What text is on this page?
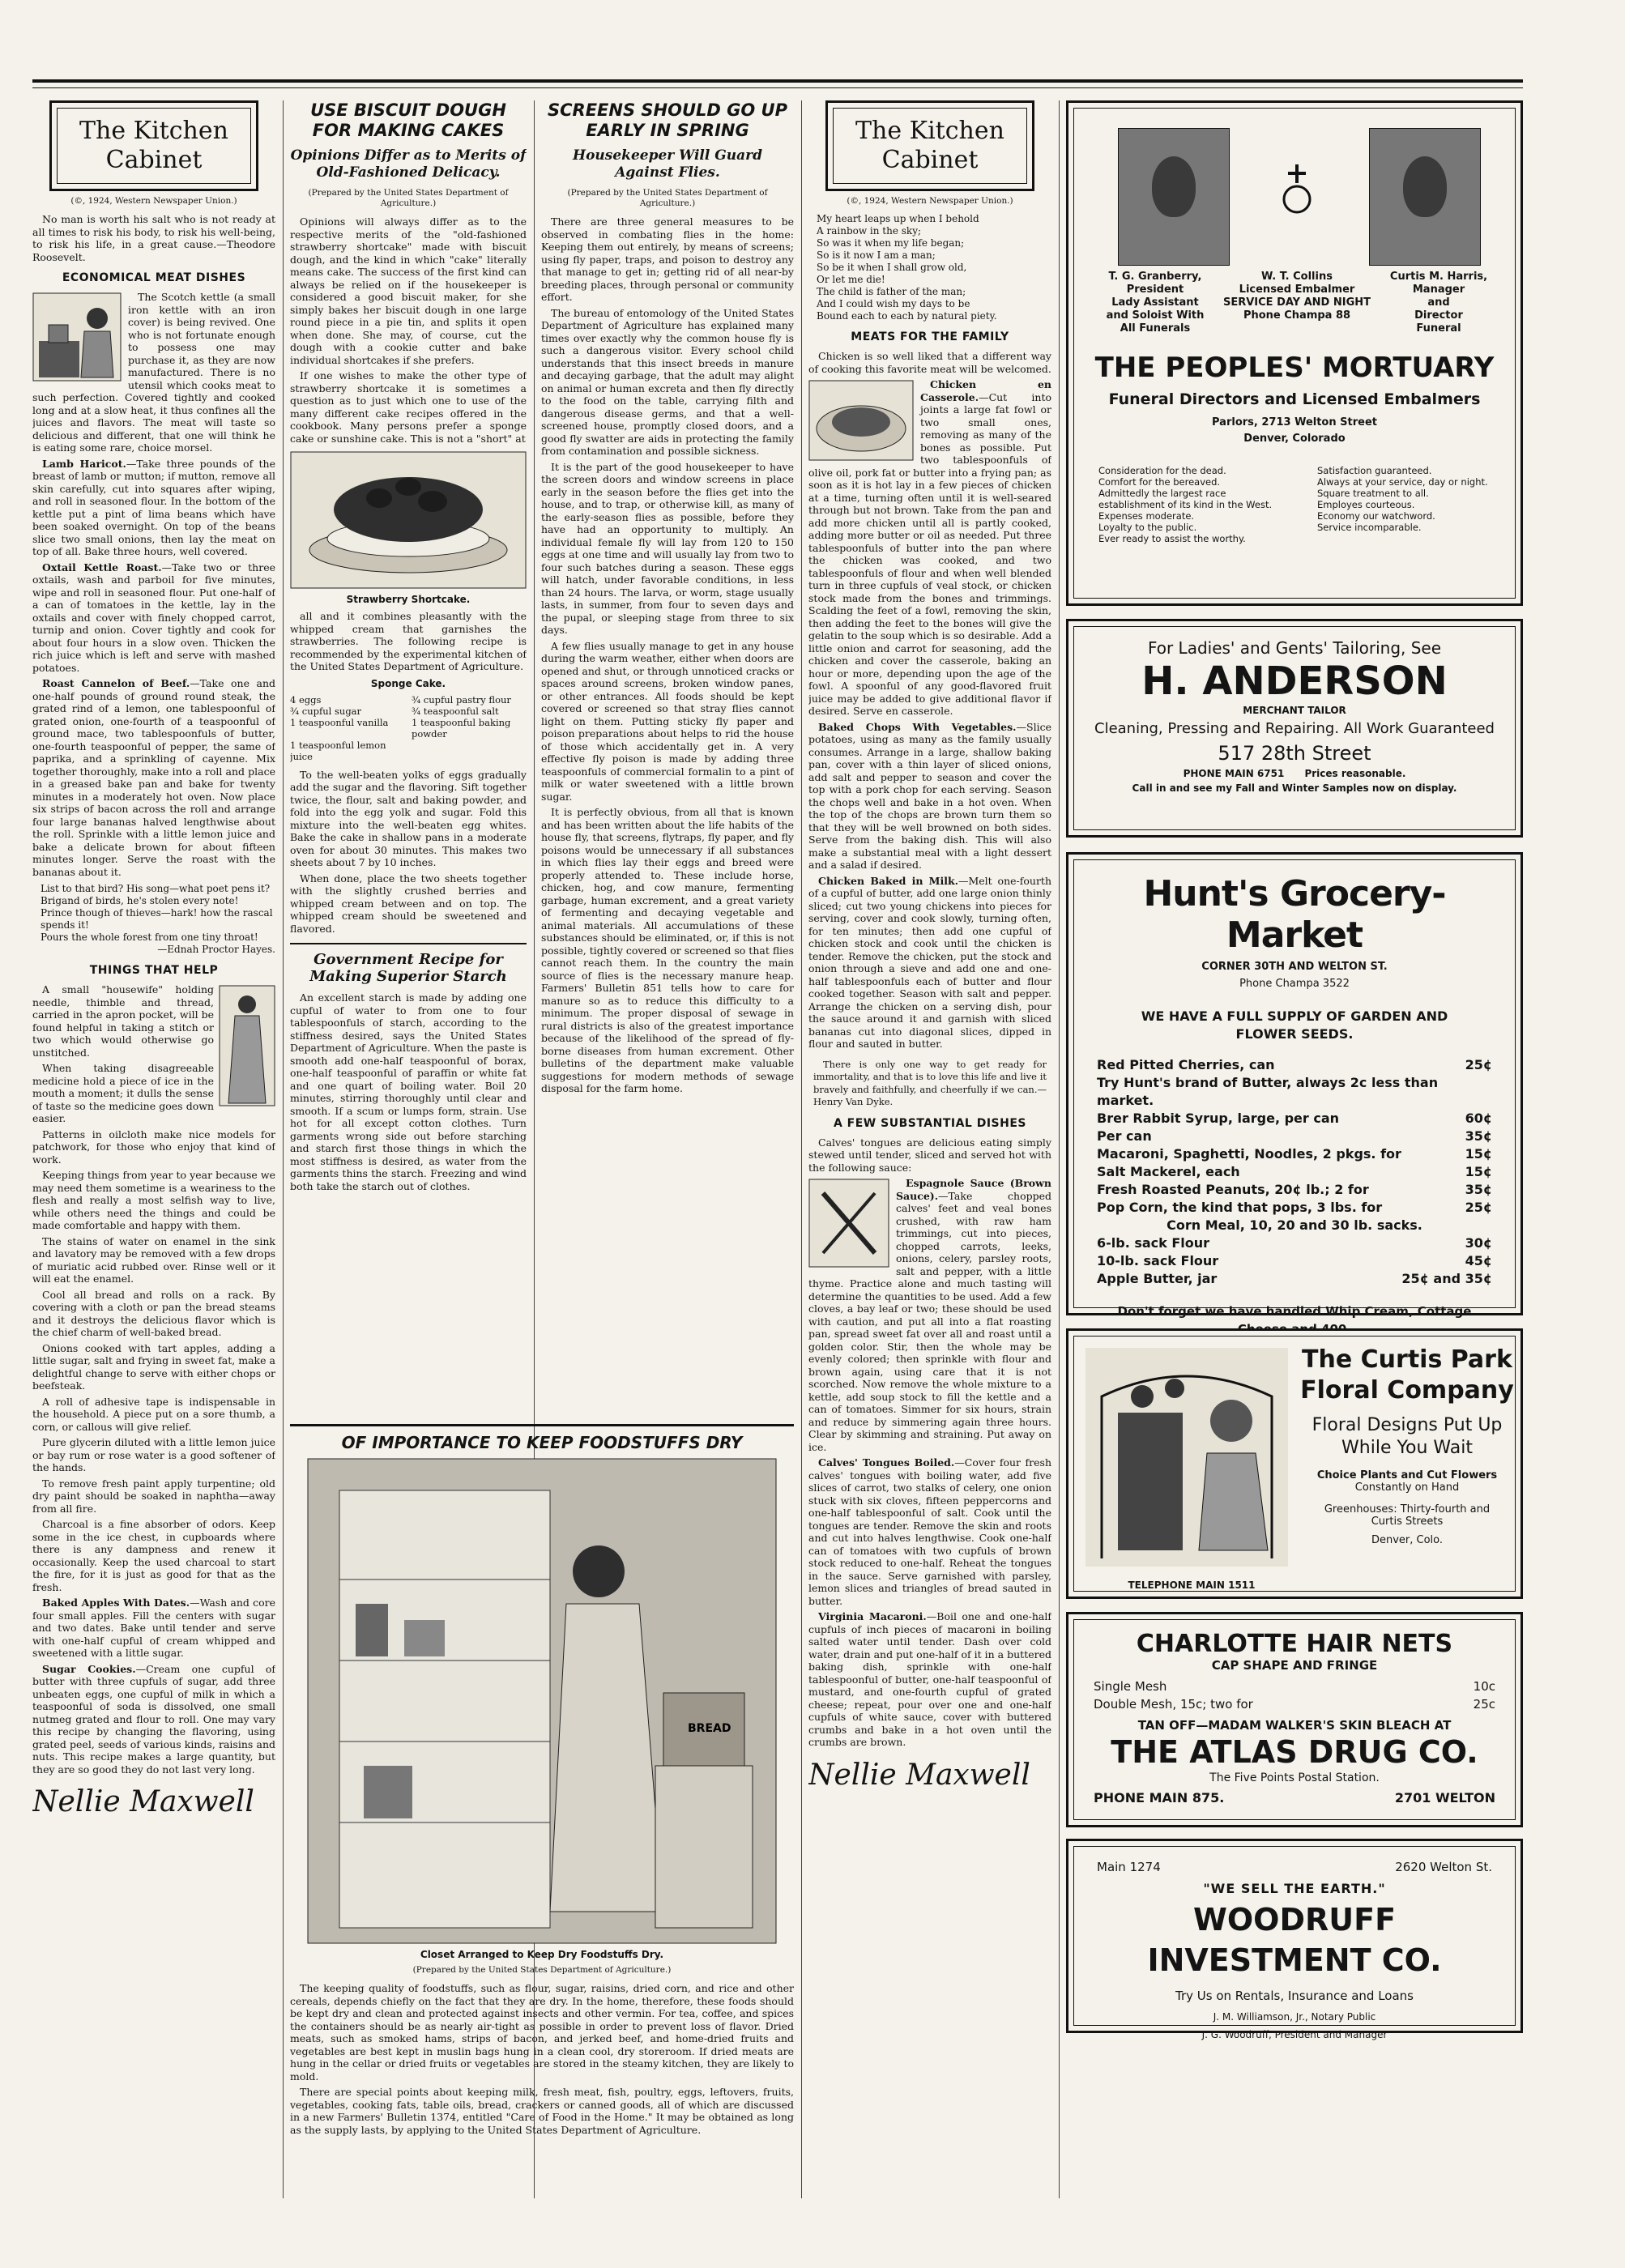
The Kitchen Cabinet
(©, 1924, Western Newspaper Union.)

No man is worth his salt who is not ready at all times to risk his body, to risk his well-being, to risk his life, in a great cause.—Theodore Roosevelt.

ECONOMICAL MEAT DISHES

The Scotch kettle (a small iron kettle with an iron cover) is being revived. One who is not fortunate enough to possess one may purchase it, as they are now manufactured. There is no utensil which cooks meat to such perfection. Covered tightly and cooked long and at a slow heat, it thus confines all the juices and flavors. The meat will taste so delicious and different, that one will think he is eating some rare, choice morsel.

Lamb Haricot.—Take three pounds of the breast of lamb or mutton; if mutton, remove all skin carefully, cut into squares after wiping, and roll in seasoned flour. In the bottom of the kettle put a pint of lima beans which have been soaked overnight. On top of the beans slice two small onions, then lay the meat on top of all. Bake three hours, well covered.

Oxtail Kettle Roast.—Take two or three oxtails, wash and parboil for five minutes, wipe and roll in seasoned flour. Put one-half of a can of tomatoes in the kettle, lay in the oxtails and cover with finely chopped carrot, turnip and onion. Cover tightly and cook for about four hours in a slow oven. Thicken the rich juice which is left and serve with mashed potatoes.

Roast Cannelon of Beef.—Take one and one-half pounds of ground round steak, the grated rind of a lemon, one tablespoonful of grated onion, one-fourth of a teaspoonful of ground mace, two tablespoonfuls of butter, one-fourth teaspoonful of pepper, the same of paprika, and a sprinkling of cayenne. Mix together thoroughly, make into a roll and place in a greased bake pan and bake for twenty minutes in a moderately hot oven. Now place six strips of bacon across the roll and arrange four large bananas halved lengthwise about the roll. Sprinkle with a little lemon juice and bake a delicate brown for about fifteen minutes longer. Serve the roast with the bananas about it.

List to that bird? His song—what poet pens it?
Brigand of birds, he's stolen every note!
Prince though of thieves—hark! how the rascal spends it!
Pours the whole forest from one tiny throat!
—Ednah Proctor Hayes.
THINGS THAT HELP

A small "housewife" holding needle, thimble and thread, carried in the apron pocket, will be found helpful in taking a stitch or two which would otherwise go unstitched.

When taking disagreeable medicine hold a piece of ice in the mouth a moment; it dulls the sense of taste so the medicine goes down easier.

Patterns in oilcloth make nice models for patchwork, for those who enjoy that kind of work.

Keeping things from year to year because we may need them sometime is a weariness to the flesh and really a most selfish way to live, while others need the things and could be made comfortable and happy with them.

The stains of water on enamel in the sink and lavatory may be removed with a few drops of muriatic acid rubbed over. Rinse well or it will eat the enamel.

Cool all bread and rolls on a rack. By covering with a cloth or pan the bread steams and it destroys the delicious flavor which is the chief charm of well-baked bread.

Onions cooked with tart apples, adding a little sugar, salt and frying in sweet fat, make a delightful change to serve with either chops or beefsteak.

A roll of adhesive tape is indispensable in the household. A piece put on a sore thumb, a corn, or callous will give relief.

Pure glycerin diluted with a little lemon juice or bay rum or rose water is a good softener of the hands.

To remove fresh paint apply turpentine; old dry paint should be soaked in naphtha—away from all fire.

Charcoal is a fine absorber of odors. Keep some in the ice chest, in cupboards where there is any dampness and renew it occasionally. Keep the used charcoal to start the fire, for it is just as good for that as the fresh.

Baked Apples With Dates.—Wash and core four small apples. Fill the centers with sugar and two dates. Bake until tender and serve with one-half cupful of cream whipped and sweetened with a little sugar.

Sugar Cookies.—Cream one cupful of butter with three cupfuls of sugar, add three unbeaten eggs, one cupful of milk in which a teaspoonful of soda is dissolved, one small nutmeg grated and flour to roll. One may vary this recipe by changing the flavoring, using grated peel, seeds of various kinds, raisins and nuts. This recipe makes a large quantity, but they are so good they do not last very long.

Nellie Maxwell
USE BISCUIT DOUGH FOR MAKING CAKES
Opinions Differ as to Merits of Old-Fashioned Delicacy.
(Prepared by the United States Department of Agriculture.)

Opinions will always differ as to the respective merits of the "old-fashioned strawberry shortcake" made with biscuit dough, and the kind in which "cake" literally means cake. The success of the first kind can always be relied on if the housekeeper is considered a good biscuit maker, for she simply bakes her biscuit dough in one large round piece in a pie tin, and splits it open when done. She may, of course, cut the dough with a cookie cutter and bake individual shortcakes if she prefers.

If one wishes to make the other type of strawberry shortcake it is sometimes a question as to just which one to use of the many different cake recipes offered in the cookbook. Many persons prefer a sponge cake or sunshine cake. This is not a "short" at

Strawberry Shortcake.

all and it combines pleasantly with the whipped cream that garnishes the strawberries. The following recipe is recommended by the experimental kitchen of the United States Department of Agriculture.

Sponge Cake.
4 eggs	¾ cupful pastry flour
¾ cupful sugar	¾ teaspoonful salt
1 teaspoonful vanilla	1 teaspoonful baking powder
1 teaspoonful lemon juice

To the well-beaten yolks of eggs gradually add the sugar and the flavoring. Sift together twice, the flour, salt and baking powder, and fold into the egg yolk and sugar. Fold this mixture into the well-beaten egg whites. Bake the cake in shallow pans in a moderate oven for about 30 minutes. This makes two sheets about 7 by 10 inches.

When done, place the two sheets together with the slightly crushed berries and whipped cream between and on top. The whipped cream should be sweetened and flavored.

Government Recipe for Making Superior Starch

An excellent starch is made by adding one cupful of water to from one to four tablespoonfuls of starch, according to the stiffness desired, says the United States Department of Agriculture. When the paste is smooth add one-half teaspoonful of borax, one-half teaspoonful of paraffin or white fat and one quart of boiling water. Boil 20 minutes, stirring thoroughly until clear and smooth. If a scum or lumps form, strain. Use hot for all except cotton clothes. Turn garments wrong side out before starching and starch first those things in which the most stiffness is desired, as water from the garments thins the starch. Freezing and wind both take the starch out of clothes.

SCREENS SHOULD GO UP EARLY IN SPRING
Housekeeper Will Guard Against Flies.
(Prepared by the United States Department of Agriculture.)

There are three general measures to be observed in combating flies in the home: Keeping them out entirely, by means of screens; using fly paper, traps, and poison to destroy any that manage to get in; getting rid of all near-by breeding places, through personal or community effort.

The bureau of entomology of the United States Department of Agriculture has explained many times over exactly why the common house fly is such a dangerous visitor. Every school child understands that this insect breeds in manure and decaying garbage, that the adult may alight on animal or human excreta and then fly directly to the food on the table, carrying filth and dangerous disease germs, and that a well-screened house, promptly closed doors, and a good fly swatter are aids in protecting the family from contamination and possible sickness.

It is the part of the good housekeeper to have the screen doors and window screens in place early in the season before the flies get into the house, and to trap, or otherwise kill, as many of the early-season flies as possible, before they have had an opportunity to multiply. An individual female fly will lay from 120 to 150 eggs at one time and will usually lay from two to four such batches during a season. These eggs will hatch, under favorable conditions, in less than 24 hours. The larva, or worm, stage usually lasts, in summer, from four to seven days and the pupal, or sleeping stage from three to six days.

A few flies usually manage to get in any house during the warm weather, either when doors are opened and shut, or through unnoticed cracks or spaces around screens, broken window panes, or other entrances. All foods should be kept covered or screened so that stray flies cannot light on them. Putting sticky fly paper and poison preparations about helps to rid the house of those which accidentally get in. A very effective fly poison is made by adding three teaspoonfuls of commercial formalin to a pint of milk or water sweetened with a little brown sugar.

It is perfectly obvious, from all that is known and has been written about the life habits of the house fly, that screens, flytraps, fly paper, and fly poisons would be unnecessary if all substances in which flies lay their eggs and breed were properly attended to. These include horse, chicken, hog, and cow manure, fermenting garbage, human excrement, and a great variety of fermenting and decaying vegetable and animal materials. All accumulations of these substances should be eliminated, or, if this is not possible, tightly covered or screened so that flies cannot reach them. In the country the main source of flies is the necessary manure heap. Farmers' Bulletin 851 tells how to care for manure so as to reduce this difficulty to a minimum. The proper disposal of sewage in rural districts is also of the greatest importance because of the likelihood of the spread of fly-borne diseases from human excrement. Other bulletins of the department make valuable suggestions for modern methods of sewage disposal for the farm home.

OF IMPORTANCE TO KEEP FOODSTUFFS DRY
BREAD
Closet Arranged to Keep Dry Foodstuffs Dry.
(Prepared by the United States Department of Agriculture.)

The keeping quality of foodstuffs, such as flour, sugar, raisins, dried corn, and rice and other cereals, depends chiefly on the fact that they are dry. In the home, therefore, these foods should be kept dry and clean and protected against insects and other vermin. For tea, coffee, and spices the containers should be as nearly air-tight as possible in order to prevent loss of flavor. Dried meats, such as smoked hams, strips of bacon, and jerked beef, and home-dried fruits and vegetables are best kept in muslin bags hung in a clean cool, dry storeroom. If dried meats are hung in the cellar or dried fruits or vegetables are stored in the steamy kitchen, they are likely to mold.

There are special points about keeping milk, fresh meat, fish, poultry, eggs, leftovers, fruits, vegetables, cooking fats, table oils, bread, crackers or canned goods, all of which are discussed in a new Farmers' Bulletin 1374, entitled "Care of Food in the Home." It may be obtained as long as the supply lasts, by applying to the United States Department of Agriculture.

The Kitchen Cabinet
(©, 1924, Western Newspaper Union.)
My heart leaps up when I behold
A rainbow in the sky;
So was it when my life began;
So is it now I am a man;
So be it when I shall grow old,
Or let me die!
The child is father of the man;
And I could wish my days to be
Bound each to each by natural piety.
MEATS FOR THE FAMILY

Chicken is so well liked that a different way of cooking this favorite meat will be welcomed.

Chicken en Casserole.—Cut into joints a large fat fowl or two small ones, removing as many of the bones as possible. Put two tablespoonfuls of olive oil, pork fat or butter into a frying pan; as soon as it is hot lay in a few pieces of chicken at a time, turning often until it is well-seared through but not brown. Take from the pan and add more chicken until all is partly cooked, adding more butter or oil as needed. Put three tablespoonfuls of butter into the pan where the chicken was cooked, and two tablespoonfuls of flour and when well blended turn in three cupfuls of veal stock, or chicken stock made from the bones and trimmings. Scalding the feet of a fowl, removing the skin, then adding the feet to the bones will give the gelatin to the soup which is so desirable. Add a little onion and carrot for seasoning, add the chicken and cover the casserole, baking an hour or more, depending upon the age of the fowl. A spoonful of any good-flavored fruit juice may be added to give additional flavor if desired. Serve en casserole.

Baked Chops With Vegetables.—Slice potatoes, using as many as the family usually consumes. Arrange in a large, shallow baking pan, cover with a thin layer of sliced onions, add salt and pepper to season and cover the top with a pork chop for each serving. Season the chops well and bake in a hot oven. When the top of the chops are brown turn them so that they will be well browned on both sides. Serve from the baking dish. This will also make a substantial meal with a light dessert and a salad if desired.

Chicken Baked in Milk.—Melt one-fourth of a cupful of butter, add one large onion thinly sliced; cut two young chickens into pieces for serving, cover and cook slowly, turning often, for ten minutes; then add one cupful of chicken stock and cook until the chicken is tender. Remove the chicken, put the stock and onion through a sieve and add one and one-half tablespoonfuls each of butter and flour cooked together. Season with salt and pepper. Arrange the chicken on a serving dish, pour the sauce around it and garnish with sliced bananas cut into diagonal slices, dipped in flour and sauted in butter.

There is only one way to get ready for immortality, and that is to love this life and live it bravely and faithfully, and cheerfully if we can.—Henry Van Dyke.

A FEW SUBSTANTIAL DISHES

Calves' tongues are delicious eating simply stewed until tender, sliced and served hot with the following sauce:

Espagnole Sauce (Brown Sauce).—Take chopped calves' feet and veal bones crushed, with raw ham trimmings, cut into pieces, chopped carrots, leeks, onions, celery, parsley roots, salt and pepper, with a little thyme. Practice alone and much tasting will determine the quantities to be used. Add a few cloves, a bay leaf or two; these should be used with caution, and put all into a flat roasting pan, spread sweet fat over all and roast until a golden color. Stir, then the whole may be evenly colored; then sprinkle with flour and brown again, using care that it is not scorched. Now remove the whole mixture to a kettle, add soup stock to fill the kettle and a can of tomatoes. Simmer for six hours, strain and reduce by simmering again three hours. Clear by skimming and straining. Put away on ice.

Calves' Tongues Boiled.—Cover four fresh calves' tongues with boiling water, add five slices of carrot, two stalks of celery, one onion stuck with six cloves, fifteen peppercorns and one-half tablespoonful of salt. Cook until the tongues are tender. Remove the skin and roots and cut into halves lengthwise. Cook one-half can of tomatoes with two cupfuls of brown stock reduced to one-half. Reheat the tongues in the sauce. Serve garnished with parsley, lemon slices and triangles of bread sauted in butter.

Virginia Macaroni.—Boil one and one-half cupfuls of inch pieces of macaroni in boiling salted water until tender. Dash over cold water, drain and put one-half of it in a buttered baking dish, sprinkle with one-half tablespoonful of butter, one-half teaspoonful of mustard, and one-fourth cupful of grated cheese; repeat, pour over one and one-half cupfuls of white sauce, cover with buttered crumbs and bake in a hot oven until the crumbs are brown.

Nellie Maxwell
T. G. Granberry,
President
Lady Assistant
and Soloist With
All Funerals
W. T. Collins
Licensed Embalmer
SERVICE DAY AND NIGHT
Phone Champa 88
Curtis M. Harris,
Manager
and
Director
Funeral
THE PEOPLES' MORTUARY
Funeral Directors and Licensed Embalmers
Parlors, 2713 Welton Street
Denver, Colorado
Consideration for the dead.
Comfort for the bereaved.
Admittedly the largest race establishment of its kind in the West.
Expenses moderate.
Loyalty to the public.
Ever ready to assist the worthy.
Satisfaction guaranteed.
Always at your service, day or night.
Square treatment to all.
Employes courteous.
Economy our watchword.
Service incomparable.
For Ladies' and Gents' Tailoring, See
H. ANDERSON
MERCHANT TAILOR
Cleaning, Pressing and Repairing. All Work Guaranteed
517 28th Street
PHONE MAIN 6751 Prices reasonable.
Call in and see my Fall and Winter Samples now on display.
Hunt's Grocery-Market
CORNER 30TH AND WELTON ST.
Phone Champa 3522
WE HAVE A FULL SUPPLY OF GARDEN AND FLOWER SEEDS.
Red Pitted Cherries, can	25¢
Try Hunt's brand of Butter, always 2c less than market.
Brer Rabbit Syrup, large, per can	60¢
Per can	35¢
Macaroni, Spaghetti, Noodles, 2 pkgs. for	15¢
Salt Mackerel, each	15¢
Fresh Roasted Peanuts, 20¢ lb.; 2 for	35¢
Pop Corn, the kind that pops, 3 lbs. for	25¢
Corn Meal, 10, 20 and 30 lb. sacks.
6-lb. sack Flour	30¢
10-lb. sack Flour	45¢
Apple Butter, jar	25¢ and 35¢
Don't forget we have handled Whip Cream, Cottage
TELEPHONE MAIN 1511
The Curtis Park
Floral Company
Floral Designs Put Up
While You Wait
Choice Plants and Cut Flowers
Constantly on Hand
Greenhouses: Thirty-fourth and
Curtis Streets
Denver, Colo.
CHARLOTTE HAIR NETS
CAP SHAPE AND FRINGE
Single Mesh	10c
Double Mesh, 15c; two for	25c
TAN OFF—MADAM WALKER'S SKIN BLEACH AT
THE ATLAS DRUG CO.
The Five Points Postal Station.
PHONE MAIN 875.	2701 WELTON
Main 1274	2620 Welton St.
"WE SELL THE EARTH."
WOODRUFF INVESTMENT CO.
Try Us on Rentals, Insurance and Loans
J. M. Williamson, Jr., Notary Public
J. G. Woodruff, President and Manager
